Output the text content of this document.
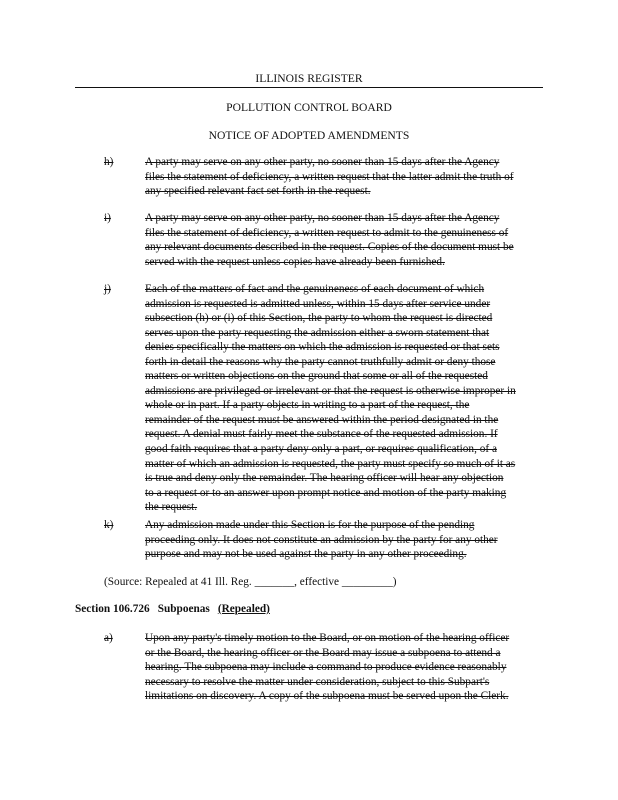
ILLINOIS REGISTER
POLLUTION CONTROL BOARD
NOTICE OF ADOPTED AMENDMENTS
h)	A party may serve on any other party, no sooner than 15 days after the Agency
files the statement of deficiency, a written request that the latter admit the truth of
any specified relevant fact set forth in the request.
i)	A party may serve on any other party, no sooner than 15 days after the Agency
files the statement of deficiency, a written request to admit to the genuineness of
any relevant documents described in the request. Copies of the document must be
served with the request unless copies have already been furnished.
j)	Each of the matters of fact and the genuineness of each document of which
admission is requested is admitted unless, within 15 days after service under
subsection (h) or (i) of this Section, the party to whom the request is directed
serves upon the party requesting the admission either a sworn statement that
denies specifically the matters on which the admission is requested or that sets
forth in detail the reasons why the party cannot truthfully admit or deny those
matters or written objections on the ground that some or all of the requested
admissions are privileged or irrelevant or that the request is otherwise improper in
whole or in part. If a party objects in writing to a part of the request, the
remainder of the request must be answered within the period designated in the
request. A denial must fairly meet the substance of the requested admission. If
good faith requires that a party deny only a part, or requires qualification, of a
matter of which an admission is requested, the party must specify so much of it as
is true and deny only the remainder. The hearing officer will hear any objection
to a request or to an answer upon prompt notice and motion of the party making
the request.
k)	Any admission made under this Section is for the purpose of the pending
proceeding only. It does not constitute an admission by the party for any other
purpose and may not be used against the party in any other proceeding.
(Source: Repealed at 41 Ill. Reg. _______, effective _________)
Section 106.726 Subpoenas (Repealed)
a)	Upon any party's timely motion to the Board, or on motion of the hearing officer
or the Board, the hearing officer or the Board may issue a subpoena to attend a
hearing. The subpoena may include a command to produce evidence reasonably
necessary to resolve the matter under consideration, subject to this Subpart's
limitations on discovery. A copy of the subpoena must be served upon the Clerk.
